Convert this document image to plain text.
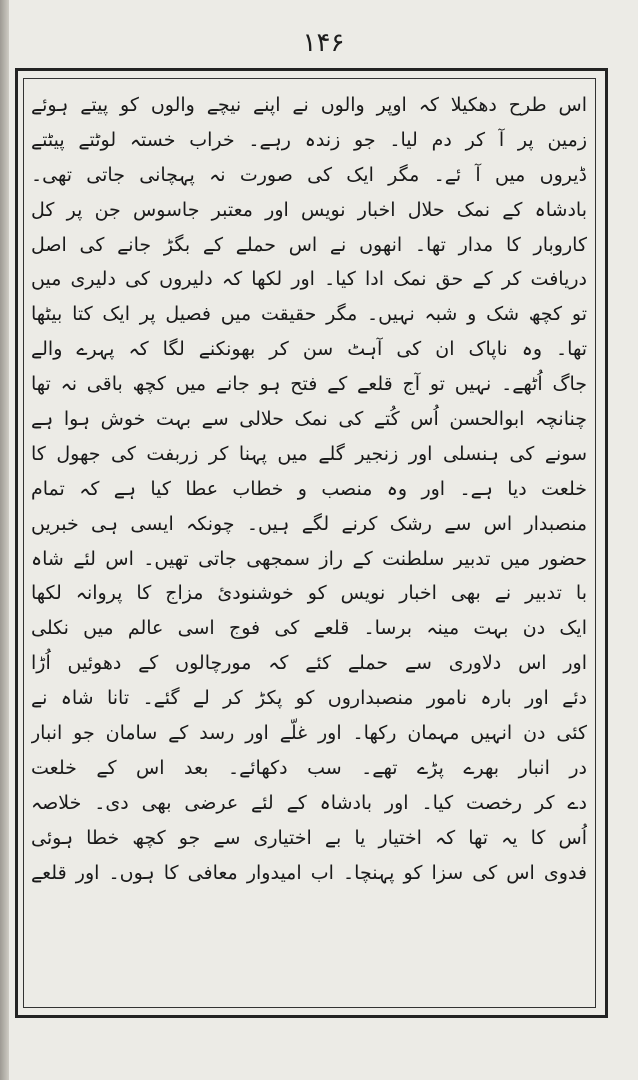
۱۴۶
اس طرح دھکیلا کہ اوپر والوں نے اپنے نیچے والوں کو پیتے ہوئے
زمین پر آ کر دم لیا۔ جو زندہ رہے۔ خراب خستہ لوٹتے پیٹتے
ڈیروں میں آ ئے۔ مگر ایک کی صورت نہ پہچانی جاتی تھی۔
بادشاہ کے نمک حلال اخبار نویس اور معتبر جاسوس جن پر کل
کاروبار کا مدار تھا۔ انھوں نے اس حملے کے بگڑ جانے کی اصل
دریافت کر کے حق نمک ادا کیا۔ اور لکھا کہ دلیروں کی دلیری میں
تو کچھ شک و شبہ نہیں۔ مگر حقیقت میں فصیل پر ایک کتا بیٹھا
تھا۔ وہ ناپاک ان کی آہٹ سن کر بھونکنے لگا کہ پہرے والے
جاگ اُٹھے۔ نہیں تو آج قلعے کے فتح ہو جانے میں کچھ باقی نہ تھا
چنانچہ ابوالحسن اُس کُتے کی نمک حلالی سے بہت خوش ہوا ہے
سونے کی ہنسلی اور زنجیر گلے میں پہنا کر زربفت کی جھول کا
خلعت دیا ہے۔ اور وہ منصب و خطاب عطا کیا ہے کہ تمام
منصبدار اس سے رشک کرنے لگے ہیں۔ چونکہ ایسی ہی خبریں
حضور میں تدبیر سلطنت کے راز سمجھی جاتی تھیں۔ اس لئے شاہ
با تدبیر نے بھی اخبار نویس کو خوشنودئ مزاج کا پروانہ لکھا
ایک دن بہت مینہ برسا۔ قلعے کی فوج اسی عالم میں نکلی
اور اس دلاوری سے حملے کئے کہ مورچالوں کے دھوئیں اُڑا
دئے اور بارہ نامور منصبداروں کو پکڑ کر لے گئے۔ تانا شاہ نے
کئی دن انہیں مہمان رکھا۔ اور غلّے اور رسد کے سامان جو انبار
در انبار بھرے پڑے تھے۔ سب دکھائے۔ بعد اس کے خلعت
دے کر رخصت کیا۔ اور بادشاہ کے لئے عرضی بھی دی۔ خلاصہ
اُس کا یہ تھا کہ اختیار یا بے اختیاری سے جو کچھ خطا ہوئی
فدوی اس کی سزا کو پہنچا۔ اب امیدوار معافی کا ہوں۔ اور قلعے
